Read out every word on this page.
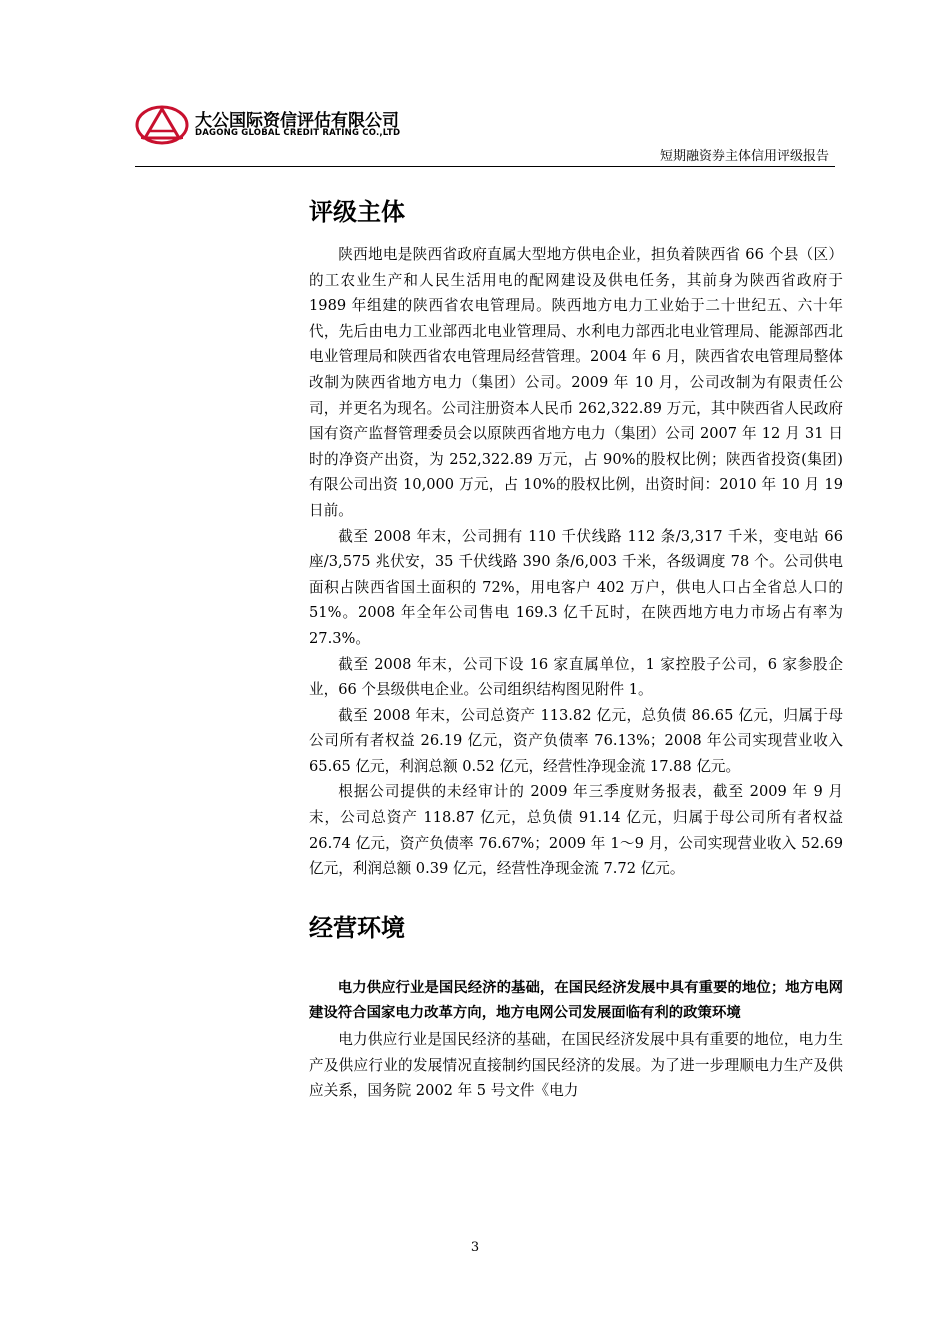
大公国际资信评估有限公司
DAGONG GLOBAL CREDIT RATING CO.,LTD
短期融资券主体信用评级报告
评级主体

陕西地电是陕西省政府直属大型地方供电企业，担负着陕西省 66 个县（区）的工农业生产和人民生活用电的配网建设及供电任务，其前身为陕西省政府于 1989 年组建的陕西省农电管理局。陕西地方电力工业始于二十世纪五、六十年代，先后由电力工业部西北电业管理局、水利电力部西北电业管理局、能源部西北电业管理局和陕西省农电管理局经营管理。2004 年 6 月，陕西省农电管理局整体改制为陕西省地方电力（集团）公司。2009 年 10 月，公司改制为有限责任公司，并更名为现名。公司注册资本人民币 262,322.89 万元，其中陕西省人民政府国有资产监督管理委员会以原陕西省地方电力（集团）公司 2007 年 12 月 31 日时的净资产出资，为 252,322.89 万元，占 90%的股权比例；陕西省投资(集团)有限公司出资 10,000 万元，占 10%的股权比例，出资时间：2010 年 10 月 19 日前。

截至 2008 年末，公司拥有 110 千伏线路 112 条/3,317 千米，变电站 66 座/3,575 兆伏安，35 千伏线路 390 条/6,003 千米，各级调度 78 个。公司供电面积占陕西省国土面积的 72%，用电客户 402 万户，供电人口占全省总人口的 51%。2008 年全年公司售电 169.3 亿千瓦时，在陕西地方电力市场占有率为 27.3%。

截至 2008 年末，公司下设 16 家直属单位，1 家控股子公司，6 家参股企业，66 个县级供电企业。公司组织结构图见附件 1。

截至 2008 年末，公司总资产 113.82 亿元，总负债 86.65 亿元，归属于母公司所有者权益 26.19 亿元，资产负债率 76.13%；2008 年公司实现营业收入 65.65 亿元，利润总额 0.52 亿元，经营性净现金流 17.88 亿元。

根据公司提供的未经审计的 2009 年三季度财务报表，截至 2009 年 9 月末，公司总资产 118.87 亿元，总负债 91.14 亿元，归属于母公司所有者权益 26.74 亿元，资产负债率 76.67%；2009 年 1～9 月，公司实现营业收入 52.69 亿元，利润总额 0.39 亿元，经营性净现金流 7.72 亿元。

经营环境

电力供应行业是国民经济的基础，在国民经济发展中具有重要的地位；地方电网建设符合国家电力改革方向，地方电网公司发展面临有利的政策环境

电力供应行业是国民经济的基础，在国民经济发展中具有重要的地位，电力生产及供应行业的发展情况直接制约国民经济的发展。为了进一步理顺电力生产及供应关系，国务院 2002 年 5 号文件《电力

3
